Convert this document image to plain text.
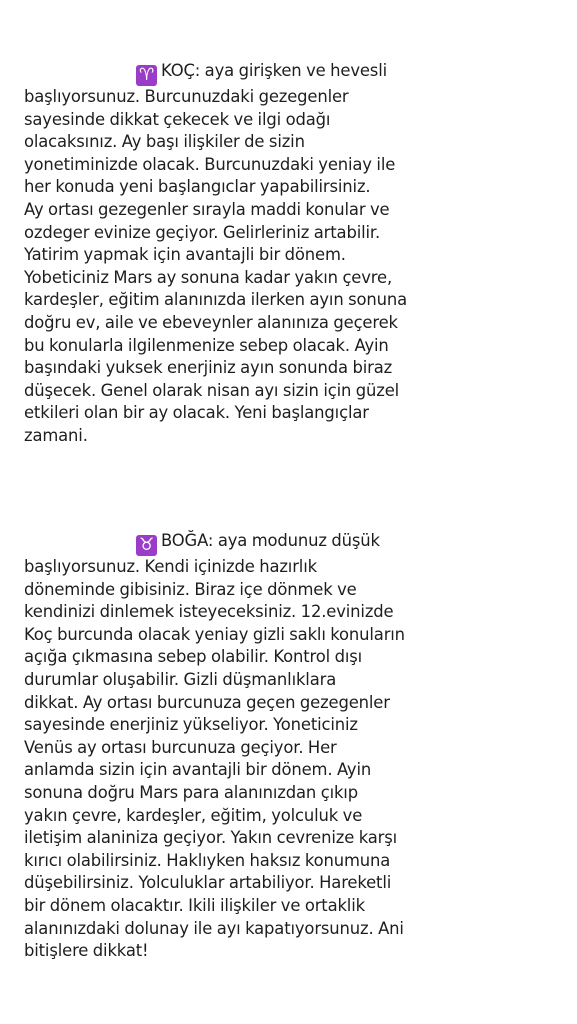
♈ KOÇ: aya girişken ve hevesli
başlıyorsunuz. Burcunuzdaki gezegenler
sayesinde dikkat çekecek ve ilgi odağı
olacaksınız. Ay başı ilişkiler de sizin
yonetiminizde olacak. Burcunuzdaki yeniay ile
her konuda yeni başlangıclar yapabilirsiniz.
Ay ortası gezegenler sırayla maddi konular ve
ozdeger evinize geçiyor. Gelirleriniz artabilir.
Yatirim yapmak için avantajli bir dönem.
Yobeticiniz Mars ay sonuna kadar yakın çevre,
kardeşler, eğitim alanınızda ilerken ayın sonuna
doğru ev, aile ve ebeveynler alanınıza geçerek
bu konularla ilgilenmenize sebep olacak. Ayin
başındaki yuksek enerjiniz ayın sonunda biraz
düşecek. Genel olarak nisan ayı sizin için güzel
etkileri olan bir ay olacak. Yeni başlangıçlar
zamani.
♉ BOĞA: aya modunuz düşük
başlıyorsunuz. Kendi içinizde hazırlık
döneminde gibisiniz. Biraz içe dönmek ve
kendinizi dinlemek isteyeceksiniz. 12.evinizde
Koç burcunda olacak yeniay gizli saklı konuların
açığa çıkmasına sebep olabilir. Kontrol dışı
durumlar oluşabilir. Gizli düşmanlıklara
dikkat. Ay ortası burcunuza geçen gezegenler
sayesinde enerjiniz yükseliyor. Yoneticiniz
Venüs ay ortası burcunuza geçiyor. Her
anlamda sizin için avantajli bir dönem. Ayin
sonuna doğru Mars para alanınızdan çıkıp
yakın çevre, kardeşler, eğitim, yolculuk ve
iletişim alaniniza geçiyor. Yakın cevrenize karşı
kırıcı olabilirsiniz. Haklıyken haksız konumuna
düşebilirsiniz. Yolculuklar artabiliyor. Hareketli
bir dönem olacaktır. Ikili ilişkiler ve ortaklik
alanınızdaki dolunay ile ayı kapatıyorsunuz. Ani
bitişlere dikkat!
